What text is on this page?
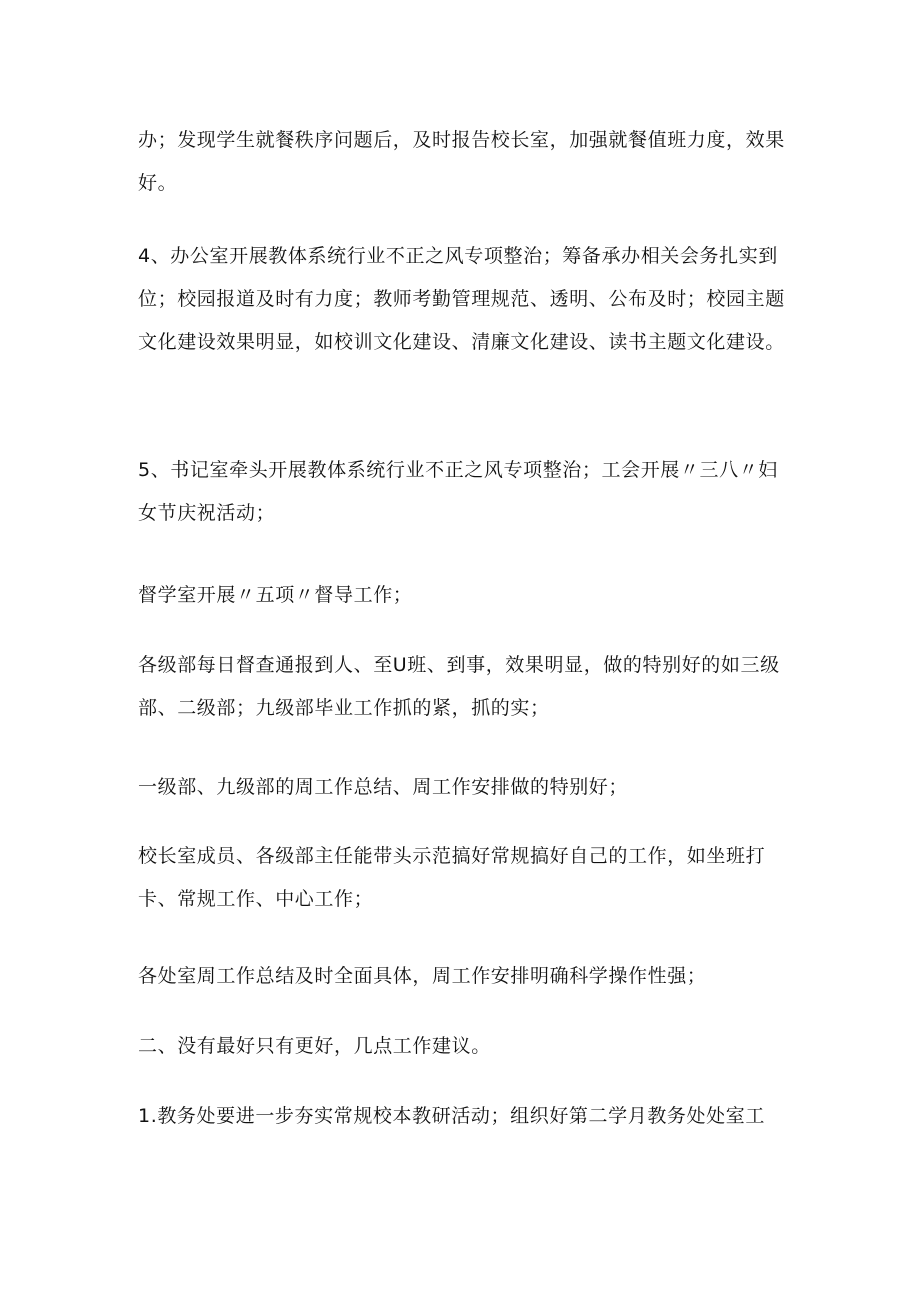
办；发现学生就餐秩序问题后，及时报告校长室，加强就餐值班力度，效果好。

4、办公室开展教体系统行业不正之风专项整治；筹备承办相关会务扎实到位；校园报道及时有力度；教师考勤管理规范、透明、公布及时；校园主题文化建设效果明显，如校训文化建设、清廉文化建设、读书主题文化建设。

5、书记室牵头开展教体系统行业不正之风专项整治；工会开展〃三八〃妇女节庆祝活动；

督学室开展〃五项〃督导工作；

各级部每日督查通报到人、至U班、到事，效果明显，做的特别好的如三级部、二级部；九级部毕业工作抓的紧，抓的实；

一级部、九级部的周工作总结、周工作安排做的特别好；

校长室成员、各级部主任能带头示范搞好常规搞好自己的工作，如坐班打卡、常规工作、中心工作；

各处室周工作总结及时全面具体，周工作安排明确科学操作性强；

二、没有最好只有更好，几点工作建议。

1.教务处要进一步夯实常规校本教研活动；组织好第二学月教务处处室工
